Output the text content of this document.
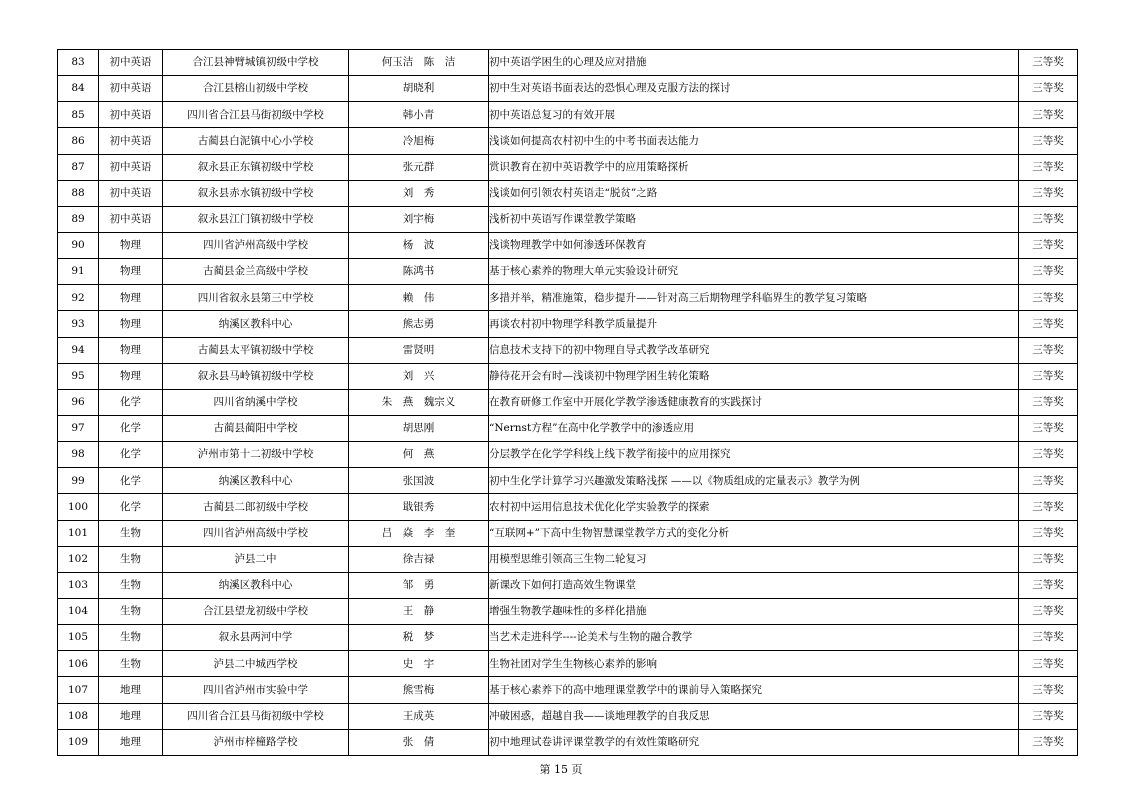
83	初中英语	合江县神臂城镇初级中学校	何玉洁　陈　洁	初中英语学困生的心理及应对措施	三等奖
84	初中英语	合江县榕山初级中学校	胡晓利	初中生对英语书面表达的恐惧心理及克服方法的探讨	三等奖
85	初中英语	四川省合江县马街初级中学校	韩小青	初中英语总复习的有效开展	三等奖
86	初中英语	古蔺县白泥镇中心小学校	冷旭梅	浅谈如何提高农村初中生的中考书面表达能力	三等奖
87	初中英语	叙永县正东镇初级中学校	张元群	赏识教育在初中英语教学中的应用策略探析	三等奖
88	初中英语	叙永县赤水镇初级中学校	刘　秀	浅谈如何引领农村英语走“脱贫”之路	三等奖
89	初中英语	叙永县江门镇初级中学校	刘宇梅	浅析初中英语写作课堂教学策略	三等奖
90	物理	四川省泸州高级中学校	杨　波	浅谈物理教学中如何渗透环保教育	三等奖
91	物理	古蔺县金兰高级中学校	陈鸿书	基于核心素养的物理大单元实验设计研究	三等奖
92	物理	四川省叙永县第三中学校	赖　伟	多措并举，精准施策，稳步提升——针对高三后期物理学科临界生的教学复习策略	三等奖
93	物理	纳溪区教科中心	熊志勇	再谈农村初中物理学科教学质量提升	三等奖
94	物理	古蔺县太平镇初级中学校	雷贤明	信息技术支持下的初中物理自导式教学改革研究	三等奖
95	物理	叙永县马岭镇初级中学校	刘　兴	静待花开会有时—浅谈初中物理学困生转化策略	三等奖
96	化学	四川省纳溪中学校	朱　燕　魏宗义	在教育研修工作室中开展化学教学渗透健康教育的实践探讨	三等奖
97	化学	古蔺县蔺阳中学校	胡思刚	“Nernst方程”在高中化学教学中的渗透应用	三等奖
98	化学	泸州市第十二初级中学校	何　燕	分层教学在化学学科线上线下教学衔接中的应用探究	三等奖
99	化学	纳溪区教科中心	张国波	初中生化学计算学习兴趣激发策略浅探 ——以《物质组成的定量表示》教学为例	三等奖
100	化学	古蔺县二郎初级中学校	戢银秀	农村初中运用信息技术优化化学实验教学的探索	三等奖
101	生物	四川省泸州高级中学校	吕　焱　李　奎	“互联网+”下高中生物智慧课堂教学方式的变化分析	三等奖
102	生物	泸县二中	徐吉禄	用模型思维引领高三生物二轮复习	三等奖
103	生物	纳溪区教科中心	邹　勇	新课改下如何打造高效生物课堂	三等奖
104	生物	合江县望龙初级中学校	王　静	增强生物教学趣味性的多样化措施	三等奖
105	生物	叙永县两河中学	税　梦	当艺术走进科学----论美术与生物的融合教学	三等奖
106	生物	泸县二中城西学校	史　宇	生物社团对学生生物核心素养的影响	三等奖
107	地理	四川省泸州市实验中学	熊雪梅	基于核心素养下的高中地理课堂教学中的课前导入策略探究	三等奖
108	地理	四川省合江县马街初级中学校	王成英	冲破困惑，超越自我——谈地理教学的自我反思	三等奖
109	地理	泸州市梓橦路学校	张　倩	初中地理试卷讲评课堂教学的有效性策略研究	三等奖
第 15 页
